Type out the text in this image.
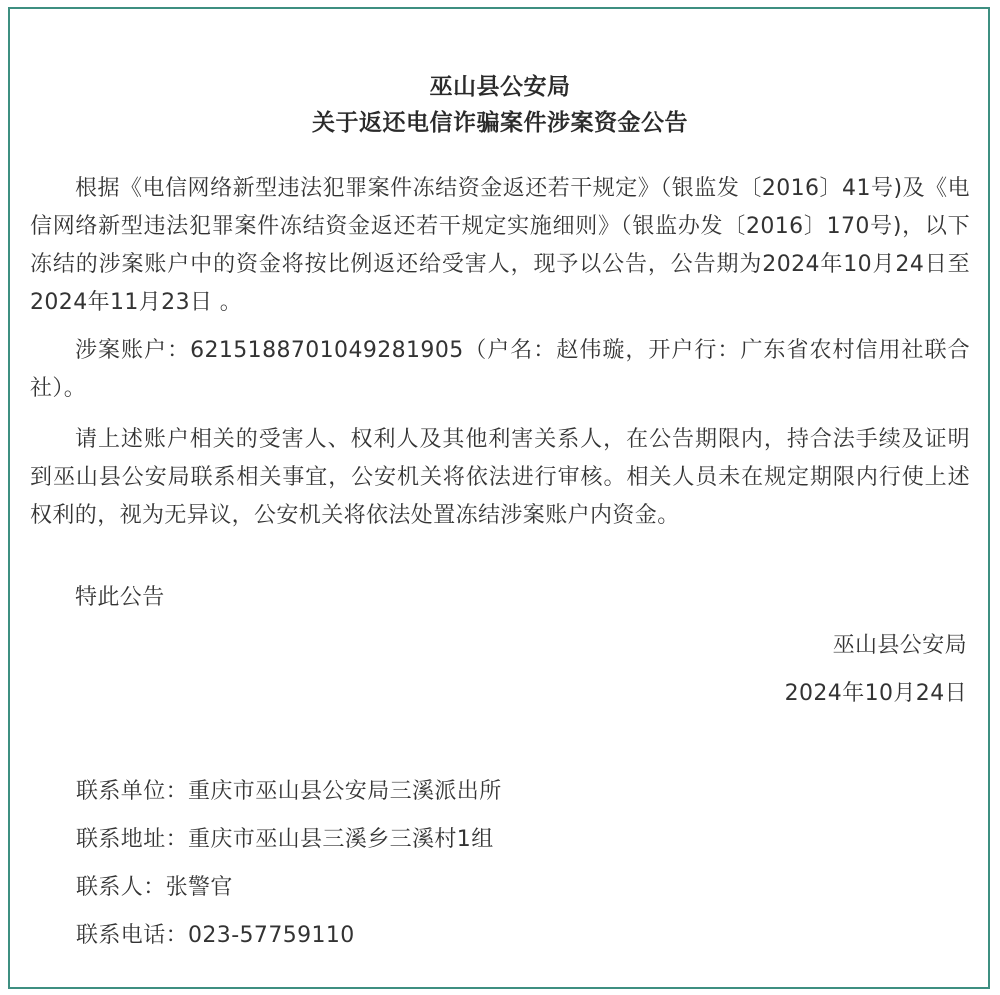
巫山县公安局
关于返还电信诈骗案件涉案资金公告

根据《电信网络新型违法犯罪案件冻结资金返还若干规定》（银监发〔2016〕41号)及《电信网络新型违法犯罪案件冻结资金返还若干规定实施细则》（银监办发〔2016〕170号)，以下冻结的涉案账户中的资金将按比例返还给受害人，现予以公告，公告期为2024年10月24日至2024年11月23日 。

涉案账户：6215188701049281905（户名：赵伟璇，开户行：广东省农村信用社联合社）。

请上述账户相关的受害人、权利人及其他利害关系人，在公告期限内，持合法手续及证明到巫山县公安局联系相关事宜，公安机关将依法进行审核。相关人员未在规定期限内行使上述权利的，视为无异议，公安机关将依法处置冻结涉案账户内资金。

特此公告

巫山县公安局
2024年10月24日
联系单位：重庆市巫山县公安局三溪派出所
联系地址：重庆市巫山县三溪乡三溪村1组
联系人：张警官
联系电话：023-57759110
